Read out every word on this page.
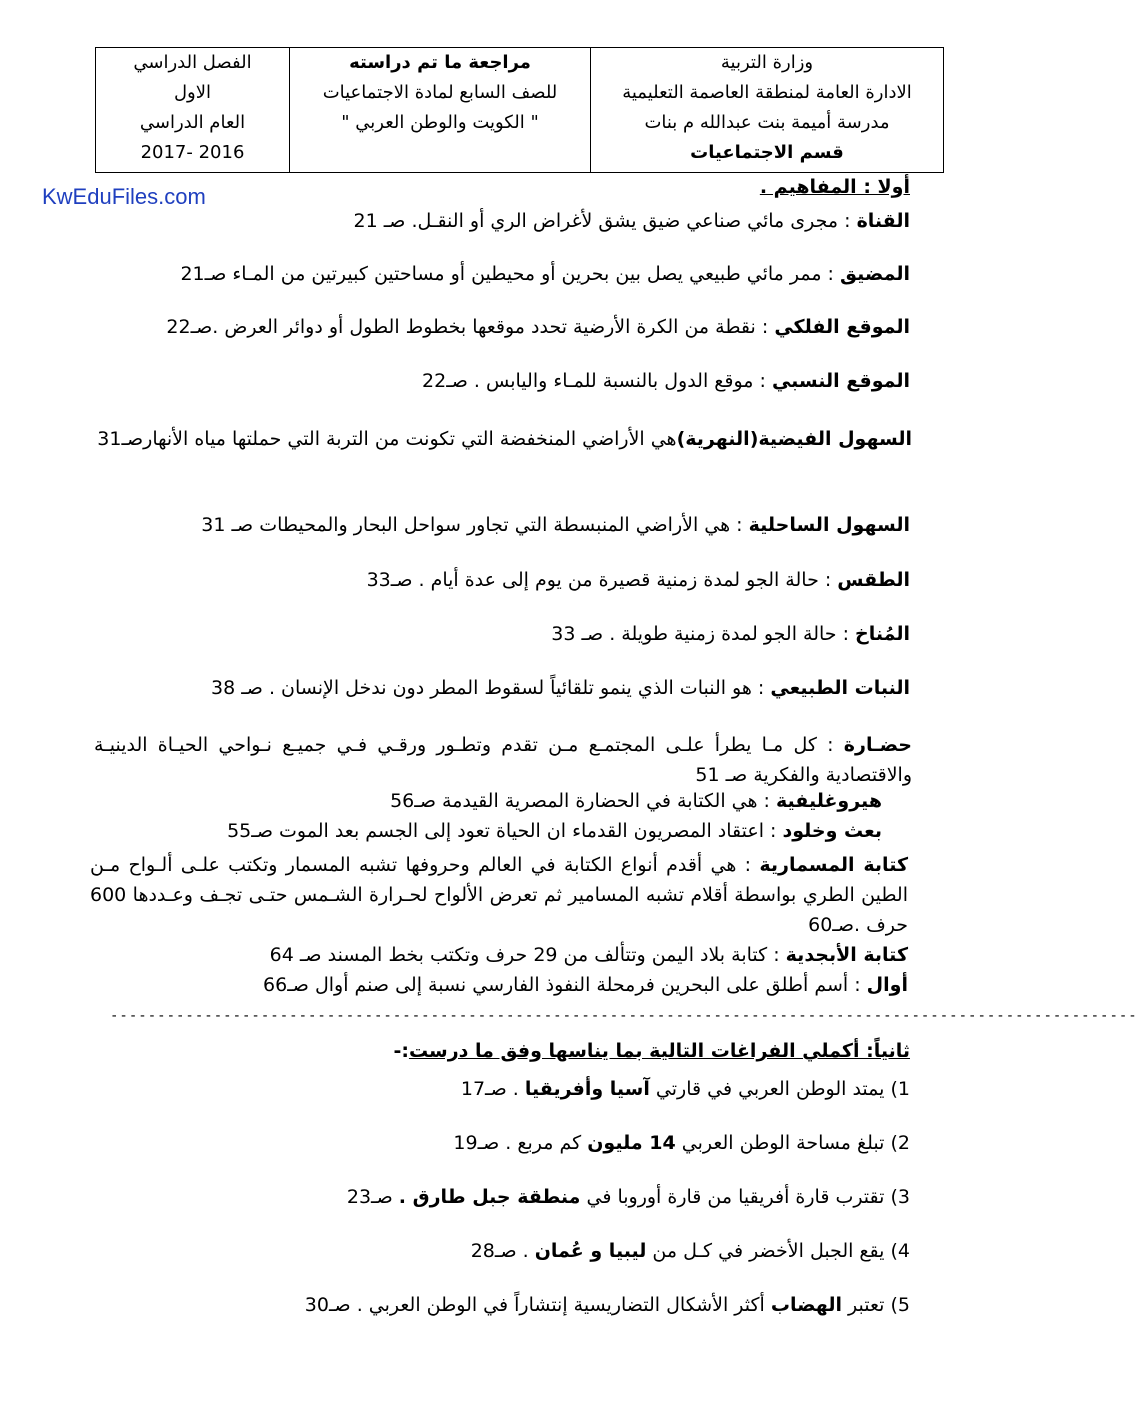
وزارة التربية
الادارة العامة لمنطقة العاصمة التعليمية
مدرسة أميمة بنت عبدالله م بنات
قسم الاجتماعيات

مراجعة ما تم دراسته
للصف السابع لمادة الاجتماعيات
" الكويت والوطن العربي "

الفصل الدراسي
الاول
العام الدراسي
2016 -2017
KwEduFiles.com	أولا : المفاهيم .
القناة : مجرى مائي صناعي ضيق يشق لأغراض الري أو النقـل. صـ 21
المضيق : ممر مائي طبيعي يصل بين بحرين أو محيطين أو مساحتين كبيرتين من المـاء صـ21
الموقع الفلكي : نقطة من الكرة الأرضية تحدد موقعها بخطوط الطول أو دوائر العرض .صـ22
الموقع النسبي : موقع الدول بالنسبة للمـاء واليابس . صـ22
السهول الفيضية(النهرية)هي الأراضي المنخفضة التي تكونت من التربة التي حملتها مياه الأنهارصـ31
السهول الساحلية : هي الأراضي المنبسطة التي تجاور سواحل البحار والمحيطات صـ 31
الطقس : حالة الجو لمدة زمنية قصيرة من يوم إلى عدة أيام . صـ33
المُناخ : حالة الجو لمدة زمنية طويلة . صـ 33
النبات الطبيعي : هو النبات الذي ينمو تلقائياً لسقوط المطر دون ندخل الإنسان . صـ 38
حضـارة : كل مـا يطرأ علـى المجتمـع مـن تقدم وتطـور ورقـي فـي جميـع نـواحي الحيـاة الدينيـة والاقتصادية والفكرية صـ 51
هيروغليفية : هي الكتابة في الحضارة المصرية القيدمة صـ56
بعث وخلود : اعتقاد المصريون القدماء ان الحياة تعود إلى الجسم بعد الموت صـ55
كتابة المسمارية : هي أقدم أنواع الكتابة في العالم وحروفها تشبه المسمار وتكتب علـى ألـواح مـن الطين الطري بواسطة أقلام تشبه المسامير ثم تعرض الألواح لحـرارة الشـمس حتـى تجـف وعـددها 600 حرف .صـ60
كتابة الأبجدية : كتابة بلاد اليمن وتتألف من 29 حرف وتكتب بخط المسند صـ 64
أوال : أسم أطلق على البحرين فرمحلة النفوذ الفارسي نسبة إلى صنم أوال صـ66
-------------------------------------------------------------------------------------------------------------
ثانياً: أكملي الفراغات التالية بما يناسها وفق ما درست:-
1) يمتد الوطن العربي في قارتي آسيا وأفريقيا . صـ17
2) تبلغ مساحة الوطن العربي 14 مليون كم مربع . صـ19
3) تقترب قارة أفريقيا من قارة أوروبا في منطقة جبل طارق . صـ23
4) يقع الجبل الأخضر في كـل من ليبيا و عُمان . صـ28
5) تعتبر الهضاب أكثر الأشكال التضاريسية إنتشاراً في الوطن العربي . صـ30
